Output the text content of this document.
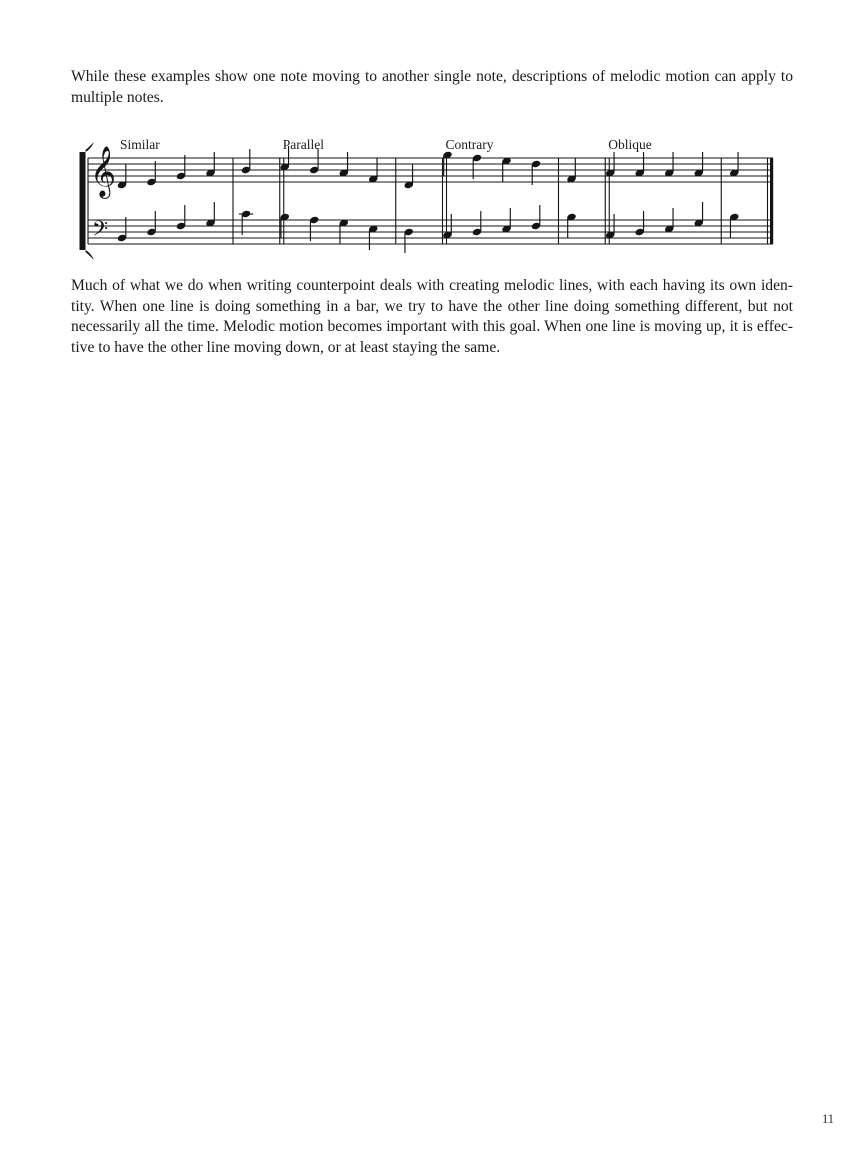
While these examples show one note moving to another single note, descriptions of melodic motion can apply to
multiple notes.
𝄞
𝄢
Similar	Parallel	Contrary	Oblique
Much of what we do when writing counterpoint deals with creating melodic lines, with each having its own iden-
tity. When one line is doing something in a bar, we try to have the other line doing something different, but not
necessarily all the time. Melodic motion becomes important with this goal. When one line is moving up, it is effec-
tive to have the other line moving down, or at least staying the same.
11
